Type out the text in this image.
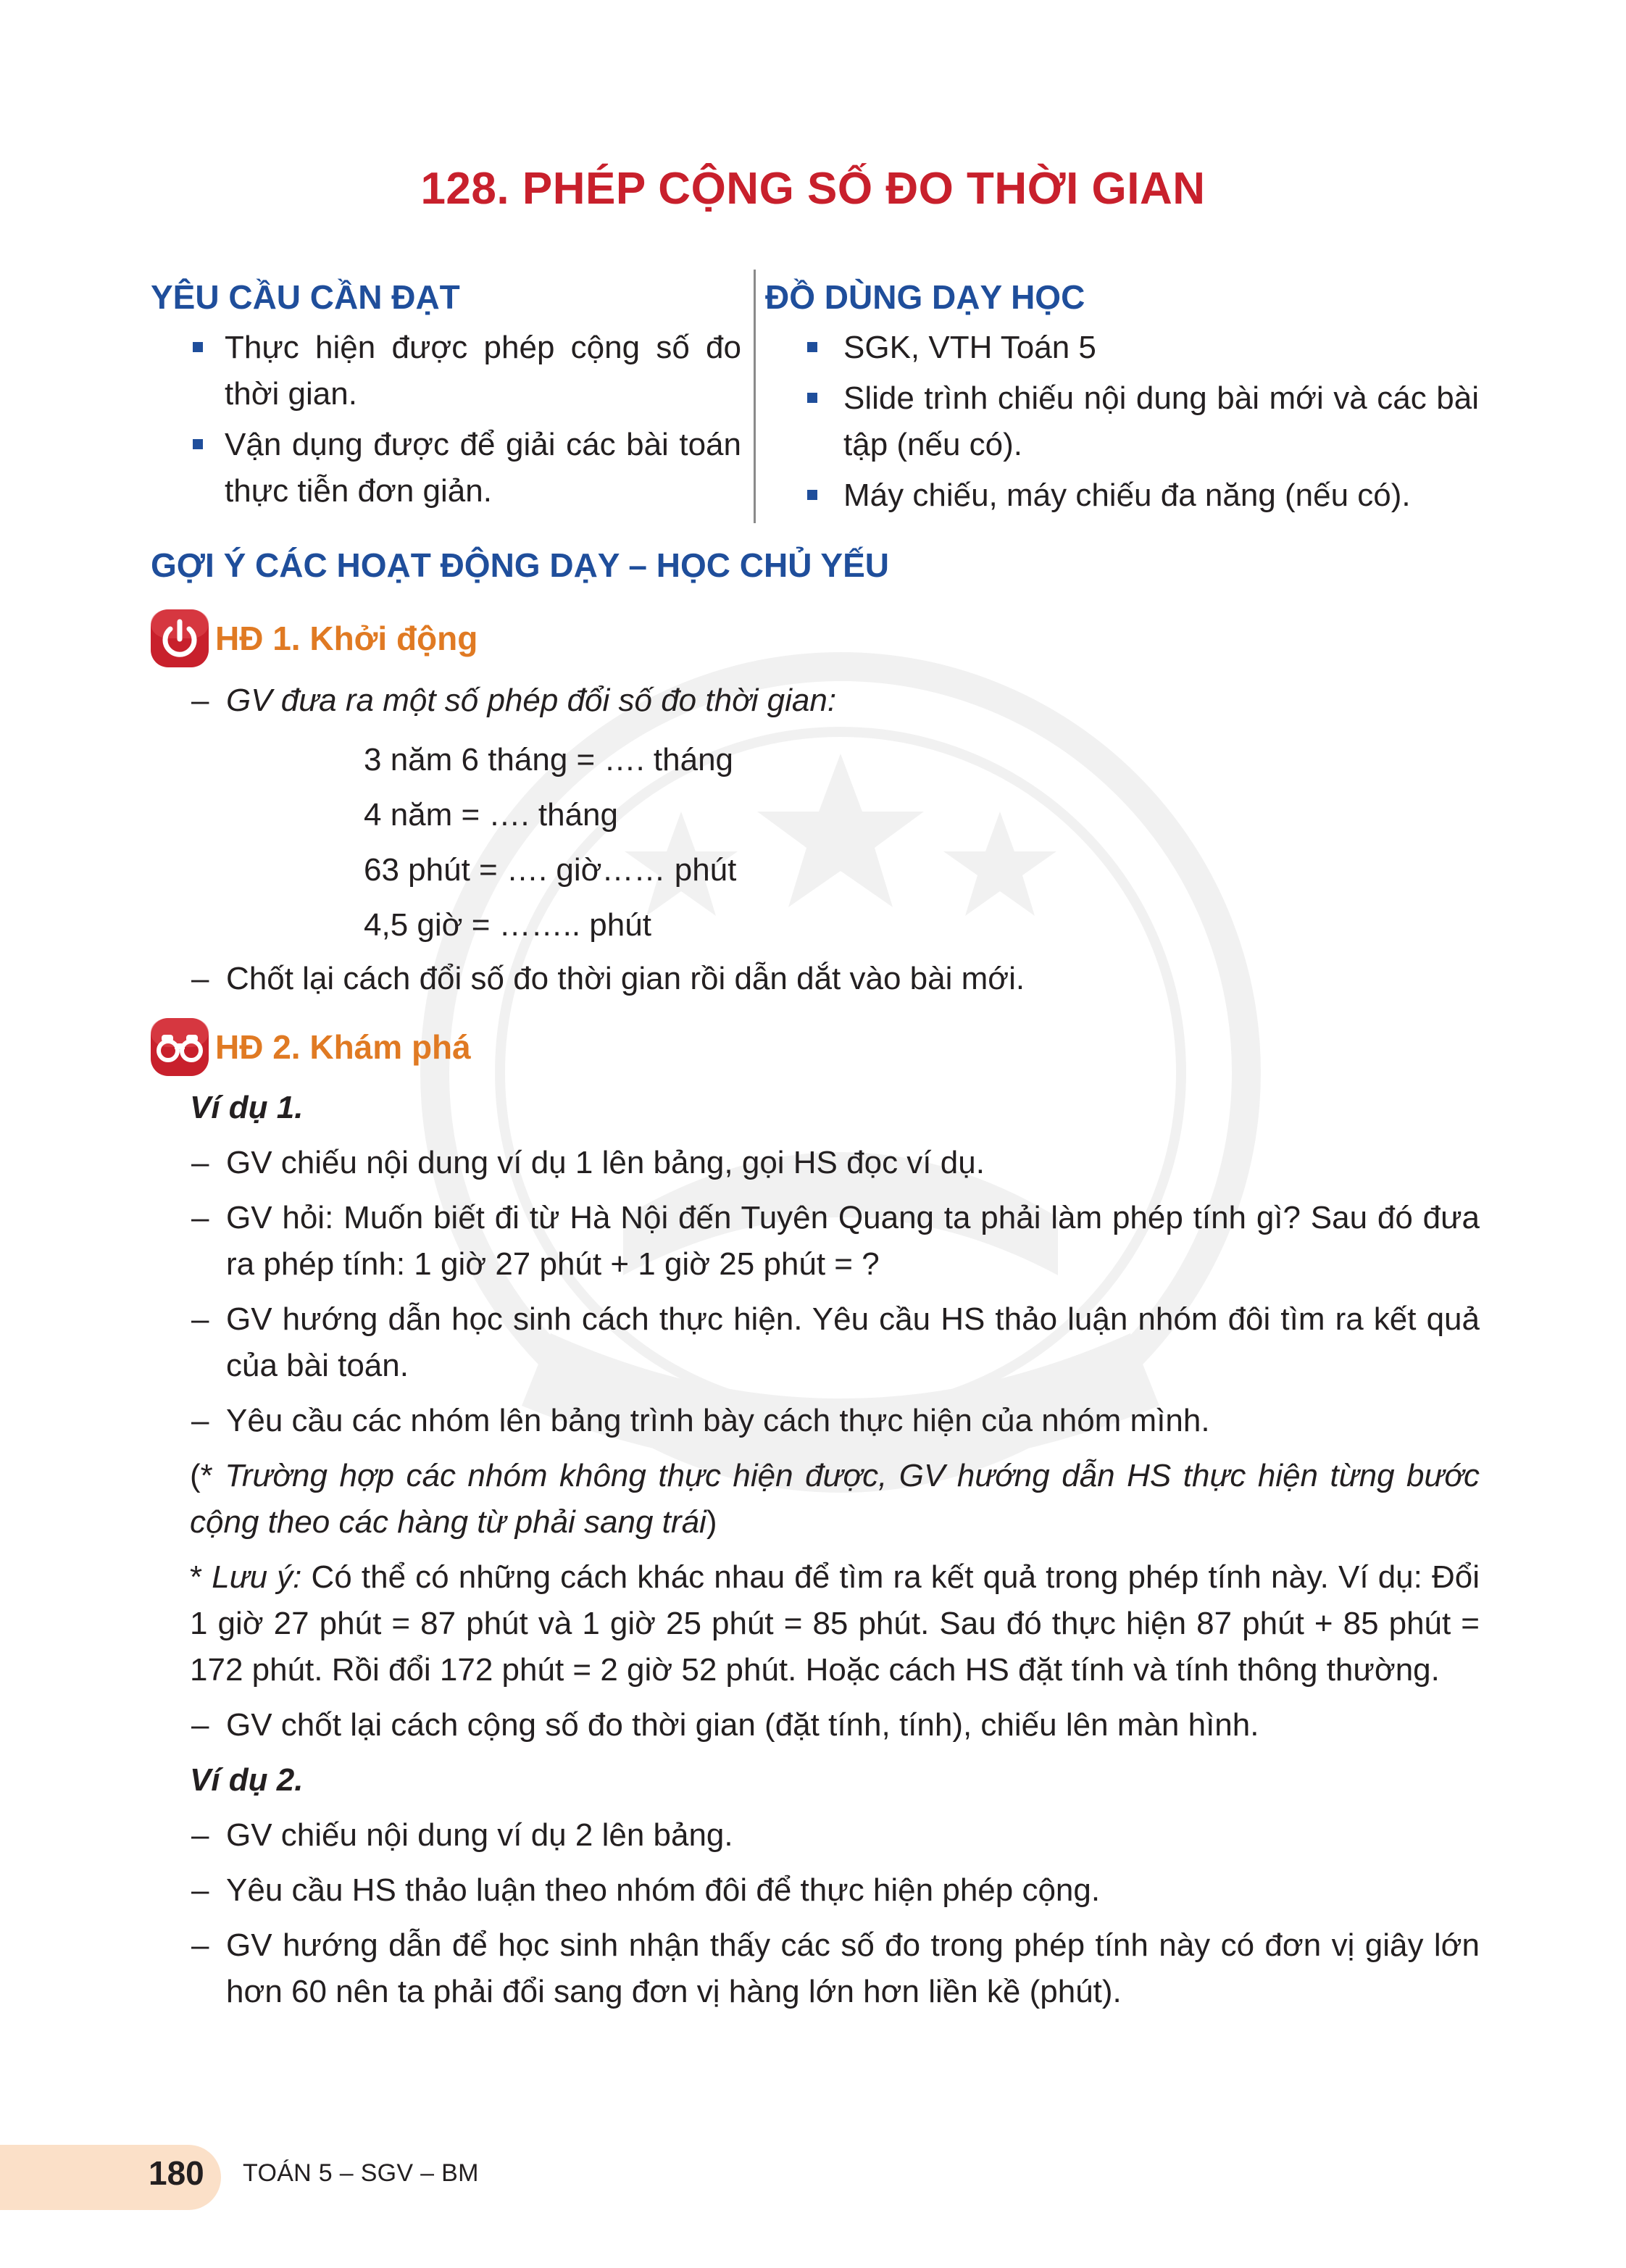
128. PHÉP CỘNG SỐ ĐO THỜI GIAN
YÊU CẦU CẦN ĐẠT
Thực hiện được phép cộng số đo thời gian.
Vận dụng được để giải các bài toán thực tiễn đơn giản.
ĐỒ DÙNG DẠY HỌC
SGK, VTH Toán 5
Slide trình chiếu nội dung bài mới và các bài tập (nếu có).
Máy chiếu, máy chiếu đa năng (nếu có).
GỢI Ý CÁC HOẠT ĐỘNG DẠY – HỌC CHỦ YẾU
HĐ 1. Khởi động
– GV đưa ra một số phép đổi số đo thời gian:
3 năm 6 tháng = …. tháng
4 năm = …. tháng
63 phút = …. giờ…… phút
4,5 giờ = …….. phút
– Chốt lại cách đổi số đo thời gian rồi dẫn dắt vào bài mới.
HĐ 2. Khám phá
Ví dụ 1.
– GV chiếu nội dung ví dụ 1 lên bảng, gọi HS đọc ví dụ.
– GV hỏi: Muốn biết đi từ Hà Nội đến Tuyên Quang ta phải làm phép tính gì? Sau đó đưa ra phép tính: 1 giờ 27 phút + 1 giờ 25 phút = ?
– GV hướng dẫn học sinh cách thực hiện. Yêu cầu HS thảo luận nhóm đôi tìm ra kết quả của bài toán.
– Yêu cầu các nhóm lên bảng trình bày cách thực hiện của nhóm mình.
(* Trường hợp các nhóm không thực hiện được, GV hướng dẫn HS thực hiện từng bước cộng theo các hàng từ phải sang trái)
* Lưu ý: Có thể có những cách khác nhau để tìm ra kết quả trong phép tính này. Ví dụ: Đổi 1 giờ 27 phút = 87 phút và 1 giờ 25 phút = 85 phút. Sau đó thực hiện 87 phút + 85 phút = 172 phút. Rồi đổi 172 phút = 2 giờ 52 phút. Hoặc cách HS đặt tính và tính thông thường.
– GV chốt lại cách cộng số đo thời gian (đặt tính, tính), chiếu lên màn hình.
Ví dụ 2.
– GV chiếu nội dung ví dụ 2 lên bảng.
– Yêu cầu HS thảo luận theo nhóm đôi để thực hiện phép cộng.
– GV hướng dẫn để học sinh nhận thấy các số đo trong phép tính này có đơn vị giây lớn hơn 60 nên ta phải đổi sang đơn vị hàng lớn hơn liền kề (phút).
180 TOÁN 5 – SGV – BM
